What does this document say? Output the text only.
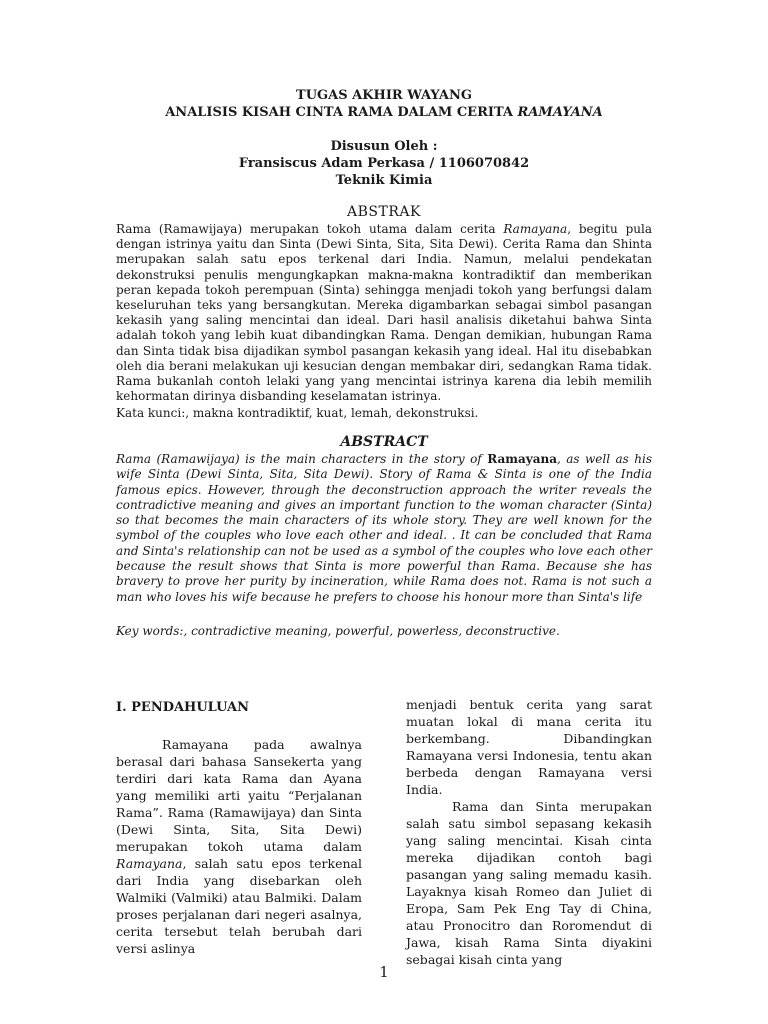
TUGAS AKHIR WAYANG
ANALISIS KISAH CINTA RAMA DALAM CERITA RAMAYANA
Disusun Oleh :
Fransiscus Adam Perkasa / 1106070842
Teknik Kimia
ABSTRAK
Rama (Ramawijaya) merupakan tokoh utama dalam cerita Ramayana, begitu pula dengan istrinya yaitu dan Sinta (Dewi Sinta, Sita, Sita Dewi). Cerita Rama dan Shinta merupakan salah satu epos terkenal dari India. Namun, melalui pendekatan dekonstruksi penulis mengungkapkan makna-makna kontradiktif dan memberikan peran kepada tokoh perempuan (Sinta) sehingga menjadi tokoh yang berfungsi dalam keseluruhan teks yang bersangkutan. Mereka digambarkan sebagai simbol pasangan kekasih yang saling mencintai dan ideal. Dari hasil analisis diketahui bahwa Sinta adalah tokoh yang lebih kuat dibandingkan Rama. Dengan demikian, hubungan Rama dan Sinta tidak bisa dijadikan symbol pasangan kekasih yang ideal. Hal itu disebabkan oleh dia berani melakukan uji kesucian dengan membakar diri, sedangkan Rama tidak. Rama bukanlah contoh lelaki yang yang mencintai istrinya karena dia lebih memilih kehormatan dirinya disbanding keselamatan istrinya.
Kata kunci:, makna kontradiktif, kuat, lemah, dekonstruksi.
ABSTRACT
Rama (Ramawijaya) is the main characters in the story of Ramayana, as well as his wife Sinta (Dewi Sinta, Sita, Sita Dewi). Story of Rama & Sinta is one of the India famous epics. However, through the deconstruction approach the writer reveals the contradictive meaning and gives an important function to the woman character (Sinta) so that becomes the main characters of its whole story. They are well known for the symbol of the couples who love each other and ideal. . It can be concluded that Rama and Sinta's relationship can not be used as a symbol of the couples who love each other because the result shows that Sinta is more powerful than Rama. Because she has bravery to prove her purity by incineration, while Rama does not. Rama is not such a man who loves his wife because he prefers to choose his honour more than Sinta's life
Key words:, contradictive meaning, powerful, powerless, deconstructive.
I. PENDAHULUAN

Ramayana pada awalnya berasal dari bahasa Sansekerta yang terdiri dari kata Rama dan Ayana yang memiliki arti yaitu “Perjalanan Rama”. Rama (Ramawijaya) dan Sinta (Dewi Sinta, Sita, Sita Dewi) merupakan tokoh utama dalam Ramayana, salah satu epos terkenal dari India yang disebarkan oleh Walmiki (Valmiki) atau Balmiki. Dalam proses perjalanan dari negeri asalnya, cerita tersebut telah berubah dari versi aslinya

menjadi bentuk cerita yang sarat muatan lokal di mana cerita itu berkembang. Dibandingkan Ramayana versi Indonesia, tentu akan berbeda dengan Ramayana versi India.

Rama dan Sinta merupakan salah satu simbol sepasang kekasih yang saling mencintai. Kisah cinta mereka dijadikan contoh bagi pasangan yang saling memadu kasih. Layaknya kisah Romeo dan Juliet di Eropa, Sam Pek Eng Tay di China, atau Pronocitro dan Roromendut di Jawa, kisah Rama Sinta diyakini sebagai kisah cinta yang

1
